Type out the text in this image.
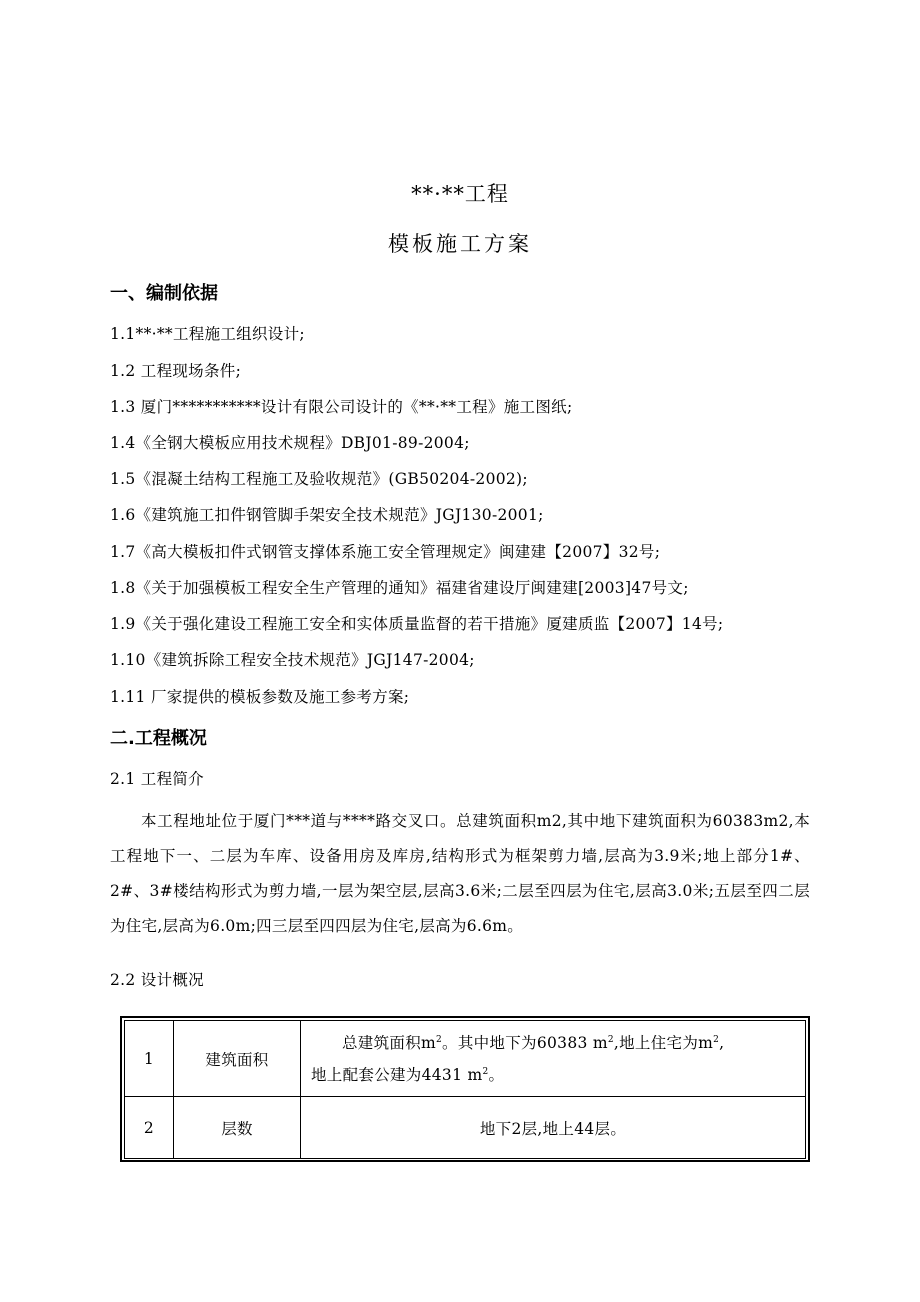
**·**工程
模板施工方案
一、编制依据
1.1**·**工程施工组织设计;
1.2 工程现场条件;
1.3 厦门***********设计有限公司设计的《**·**工程》施工图纸;
1.4《全钢大模板应用技术规程》DBJ01-89-2004;
1.5《混凝土结构工程施工及验收规范》(GB50204-2002);
1.6《建筑施工扣件钢管脚手架安全技术规范》JGJ130-2001;
1.7《高大模板扣件式钢管支撑体系施工安全管理规定》闽建建【2007】32号;
1.8《关于加强模板工程安全生产管理的通知》福建省建设厅闽建建[2003]47号文;
1.9《关于强化建设工程施工安全和实体质量监督的若干措施》厦建质监【2007】14号;
1.10《建筑拆除工程安全技术规范》JGJ147-2004;
1.11 厂家提供的模板参数及施工参考方案;
二.工程概况
2.1 工程简介
本工程地址位于厦门***道与****路交叉口。总建筑面积m2,其中地下建筑面积为60383m2,本工程地下一、二层为车库、设备用房及库房,结构形式为框架剪力墙,层高为3.9米;地上部分1#、2#、3#楼结构形式为剪力墙,一层为架空层,层高3.6米;二层至四层为住宅,层高3.0米;五层至四二层为住宅,层高为6.0m;四三层至四四层为住宅,层高为6.6m。
2.2 设计概况
1	建筑面积	总建筑面积$m^2$。其中地下为60383 $m^2$,地上住宅为$m^2$,
地上配套公建为4431 $m^2$。

2	层数	地下2层,地上44层。
